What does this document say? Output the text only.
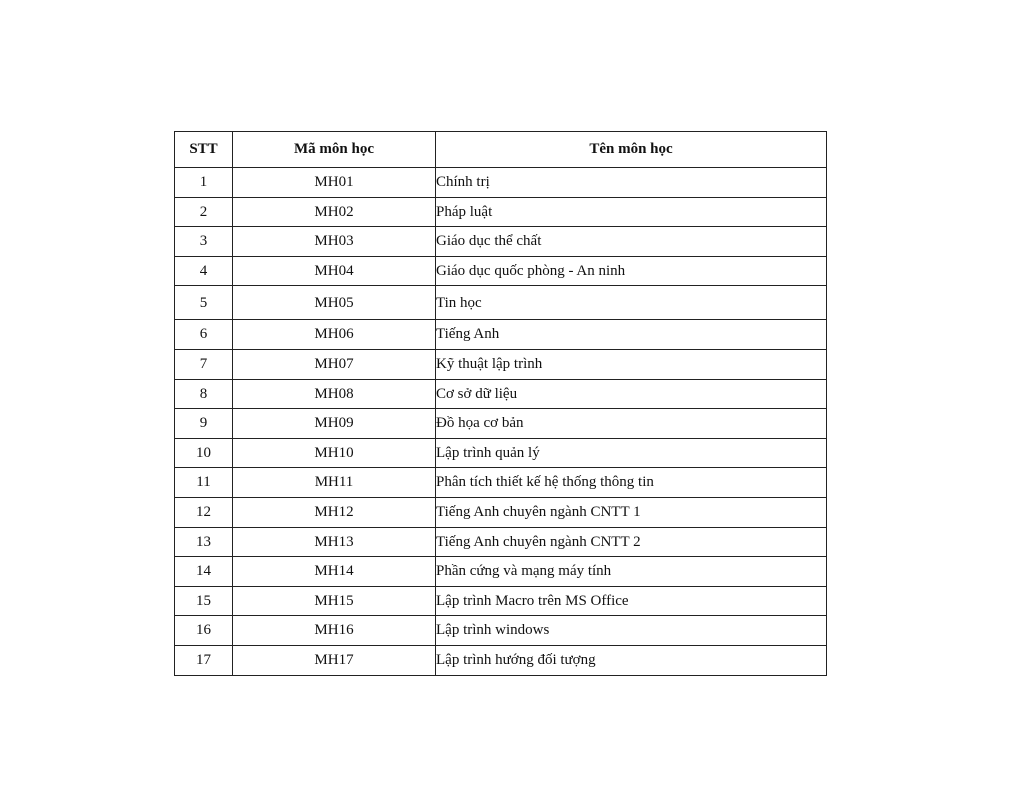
STT	Mã môn học	Tên môn học
1	MH01	Chính trị
2	MH02	Pháp luật
3	MH03	Giáo dục thể chất
4	MH04	Giáo dục quốc phòng - An ninh
5	MH05	Tin học
6	MH06	Tiếng Anh
7	MH07	Kỹ thuật lập trình
8	MH08	Cơ sở dữ liệu
9	MH09	Đồ họa cơ bản
10	MH10	Lập trình quản lý
11	MH11	Phân tích thiết kế hệ thống thông tin
12	MH12	Tiếng Anh chuyên ngành CNTT 1
13	MH13	Tiếng Anh chuyên ngành CNTT 2
14	MH14	Phần cứng và mạng máy tính
15	MH15	Lập trình Macro trên MS Office
16	MH16	Lập trình windows
17	MH17	Lập trình hướng đối tượng
